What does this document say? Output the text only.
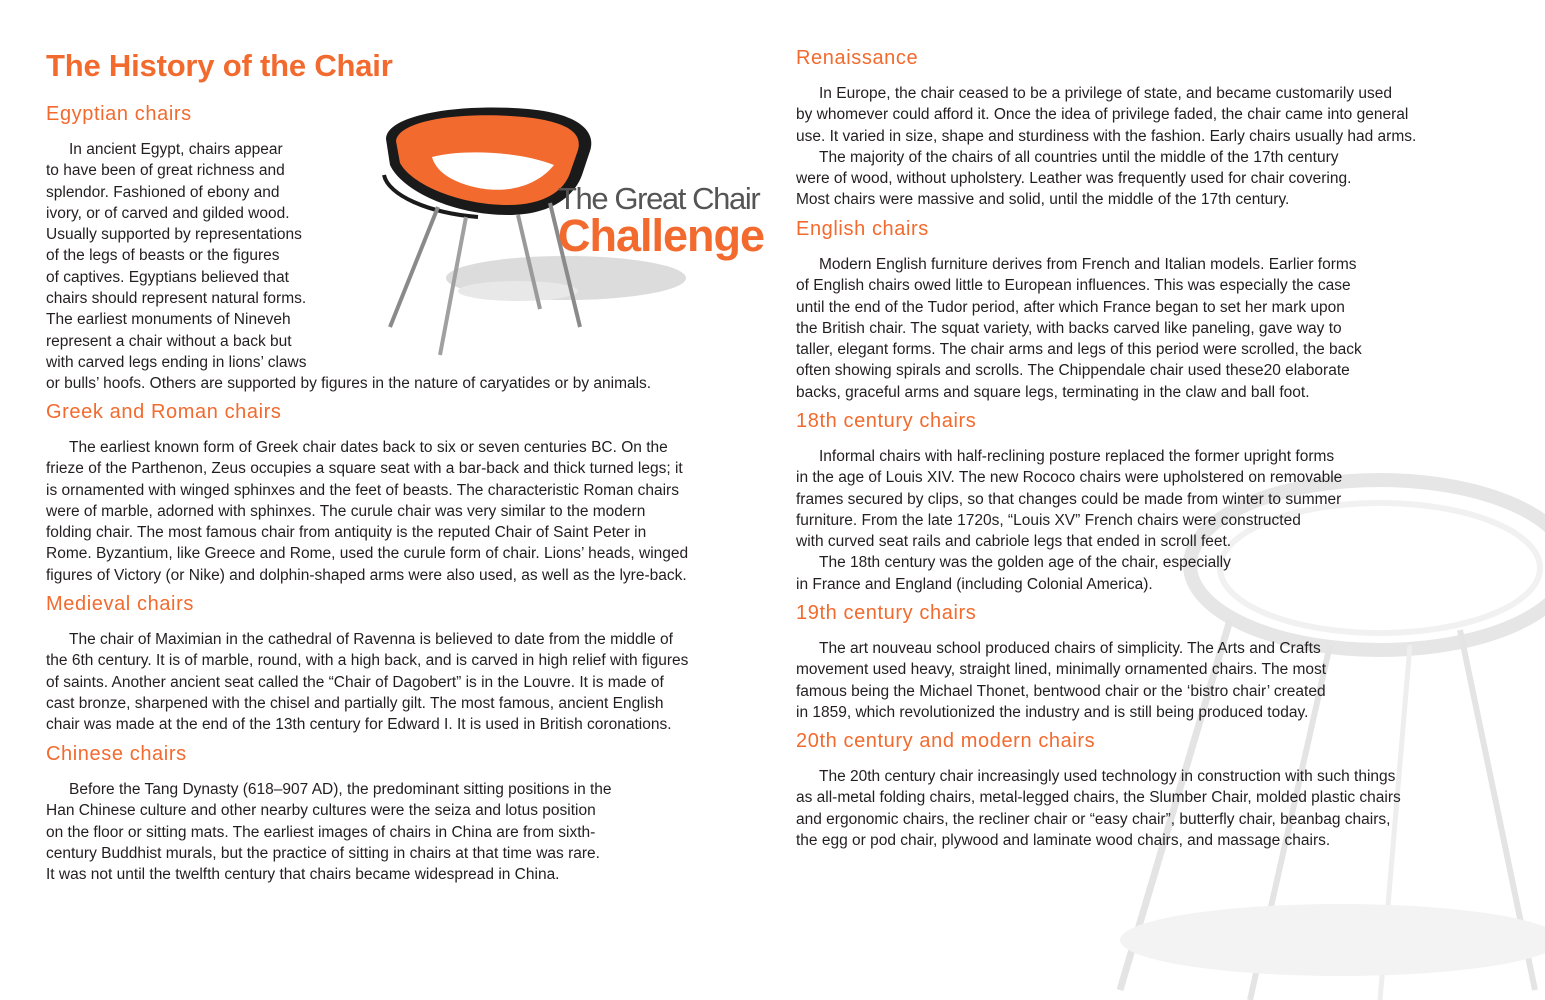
The History of the Chair
The Great Chair
Challenge
Egyptian chairs

In ancient Egypt, chairs appear
to have been of great richness and
splendor. Fashioned of ebony and
ivory, or of carved and gilded wood.
Usually supported by representations
of the legs of beasts or the figures
of captives. Egyptians believed that
chairs should represent natural forms.
The earliest monuments of Nineveh
represent a chair without a back but
with carved legs ending in lions’ claws
or bulls’ hoofs. Others are supported by figures in the nature of caryatides or by animals.

Greek and Roman chairs

The earliest known form of Greek chair dates back to six or seven centuries BC. On the
frieze of the Parthenon, Zeus occupies a square seat with a bar-back and thick turned legs; it
is ornamented with winged sphinxes and the feet of beasts. The characteristic Roman chairs
were of marble, adorned with sphinxes. The curule chair was very similar to the modern
folding chair. The most famous chair from antiquity is the reputed Chair of Saint Peter in
Rome. Byzantium, like Greece and Rome, used the curule form of chair. Lions’ heads, winged
figures of Victory (or Nike) and dolphin-shaped arms were also used, as well as the lyre-back.

Medieval chairs

The chair of Maximian in the cathedral of Ravenna is believed to date from the middle of
the 6th century. It is of marble, round, with a high back, and is carved in high relief with figures
of saints. Another ancient seat called the “Chair of Dagobert” is in the Louvre. It is made of
cast bronze, sharpened with the chisel and partially gilt. The most famous, ancient English
chair was made at the end of the 13th century for Edward I. It is used in British coronations.

Chinese chairs

Before the Tang Dynasty (618–907 AD), the predominant sitting positions in the
Han Chinese culture and other nearby cultures were the seiza and lotus position
on the floor or sitting mats. The earliest images of chairs in China are from sixth-
century Buddhist murals, but the practice of sitting in chairs at that time was rare.
It was not until the twelfth century that chairs became widespread in China.

Renaissance

In Europe, the chair ceased to be a privilege of state, and became customarily used
by whomever could afford it. Once the idea of privilege faded, the chair came into general
use. It varied in size, shape and sturdiness with the fashion. Early chairs usually had arms.
The majority of the chairs of all countries until the middle of the 17th century
were of wood, without upholstery. Leather was frequently used for chair covering.
Most chairs were massive and solid, until the middle of the 17th century.

English chairs

Modern English furniture derives from French and Italian models. Earlier forms
of English chairs owed little to European influences. This was especially the case
until the end of the Tudor period, after which France began to set her mark upon
the British chair. The squat variety, with backs carved like paneling, gave way to
taller, elegant forms. The chair arms and legs of this period were scrolled, the back
often showing spirals and scrolls. The Chippendale chair used these20 elaborate
backs, graceful arms and square legs, terminating in the claw and ball foot.

18th century chairs

Informal chairs with half-reclining posture replaced the former upright forms
in the age of Louis XIV. The new Rococo chairs were upholstered on removable
frames secured by clips, so that changes could be made from winter to summer
furniture. From the late 1720s, “Louis XV” French chairs were constructed
with curved seat rails and cabriole legs that ended in scroll feet.
The 18th century was the golden age of the chair, especially
in France and England (including Colonial America).

19th century chairs

The art nouveau school produced chairs of simplicity. The Arts and Crafts
movement used heavy, straight lined, minimally ornamented chairs. The most
famous being the Michael Thonet, bentwood chair or the ‘bistro chair’ created
in 1859, which revolutionized the industry and is still being produced today.

20th century and modern chairs

The 20th century chair increasingly used technology in construction with such things
as all-metal folding chairs, metal-legged chairs, the Slumber Chair, molded plastic chairs
and ergonomic chairs, the recliner chair or “easy chair”, butterfly chair, beanbag chairs,
the egg or pod chair, plywood and laminate wood chairs, and massage chairs.
